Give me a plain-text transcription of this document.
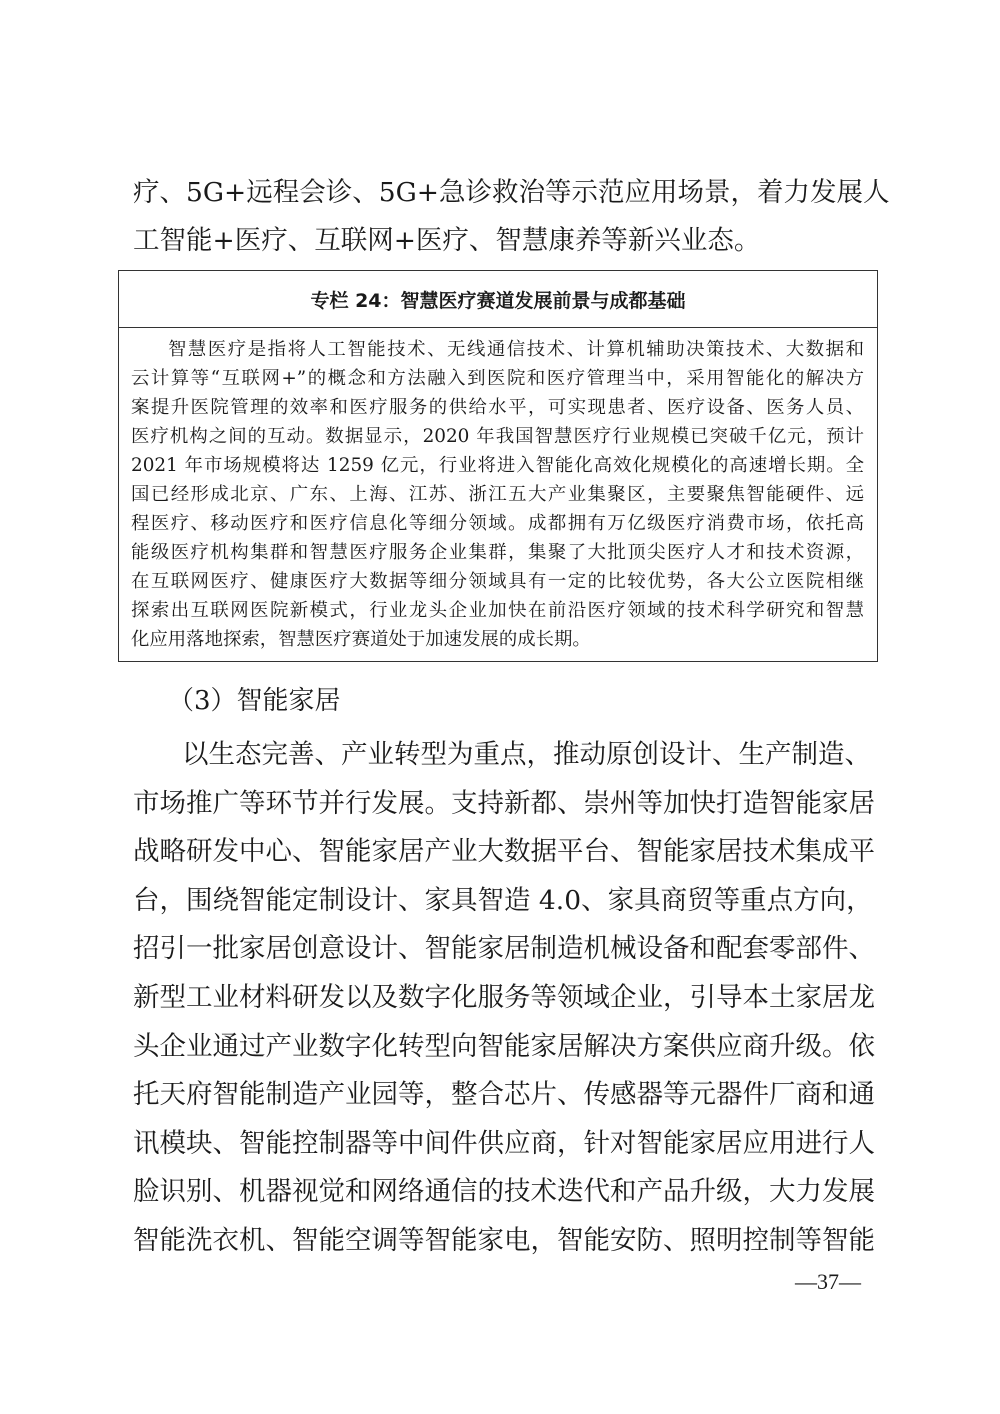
疗、5G+远程会诊、5G+急诊救治等示范应用场景，着力发展人
工智能+医疗、互联网+医疗、智慧康养等新兴业态。
专栏 24：智慧医疗赛道发展前景与成都基础
智慧医疗是指将人工智能技术、无线通信技术、计算机辅助决策技术、大数据和
云计算等“互联网+”的概念和方法融入到医院和医疗管理当中，采用智能化的解决方
案提升医院管理的效率和医疗服务的供给水平，可实现患者、医疗设备、医务人员、
医疗机构之间的互动。数据显示，2020 年我国智慧医疗行业规模已突破千亿元，预计
2021 年市场规模将达 1259 亿元，行业将进入智能化高效化规模化的高速增长期。全
国已经形成北京、广东、上海、江苏、浙江五大产业集聚区，主要聚焦智能硬件、远
程医疗、移动医疗和医疗信息化等细分领域。成都拥有万亿级医疗消费市场，依托高
能级医疗机构集群和智慧医疗服务企业集群，集聚了大批顶尖医疗人才和技术资源，
在互联网医疗、健康医疗大数据等细分领域具有一定的比较优势，各大公立医院相继
探索出互联网医院新模式，行业龙头企业加快在前沿医疗领域的技术科学研究和智慧
化应用落地探索，智慧医疗赛道处于加速发展的成长期。
（3）智能家居
以生态完善、产业转型为重点，推动原创设计、生产制造、
市场推广等环节并行发展。支持新都、崇州等加快打造智能家居
战略研发中心、智能家居产业大数据平台、智能家居技术集成平
台，围绕智能定制设计、家具智造 4.0、家具商贸等重点方向，
招引一批家居创意设计、智能家居制造机械设备和配套零部件、
新型工业材料研发以及数字化服务等领域企业，引导本土家居龙
头企业通过产业数字化转型向智能家居解决方案供应商升级。依
托天府智能制造产业园等，整合芯片、传感器等元器件厂商和通
讯模块、智能控制器等中间件供应商，针对智能家居应用进行人
脸识别、机器视觉和网络通信的技术迭代和产品升级，大力发展
智能洗衣机、智能空调等智能家电，智能安防、照明控制等智能
—37—
